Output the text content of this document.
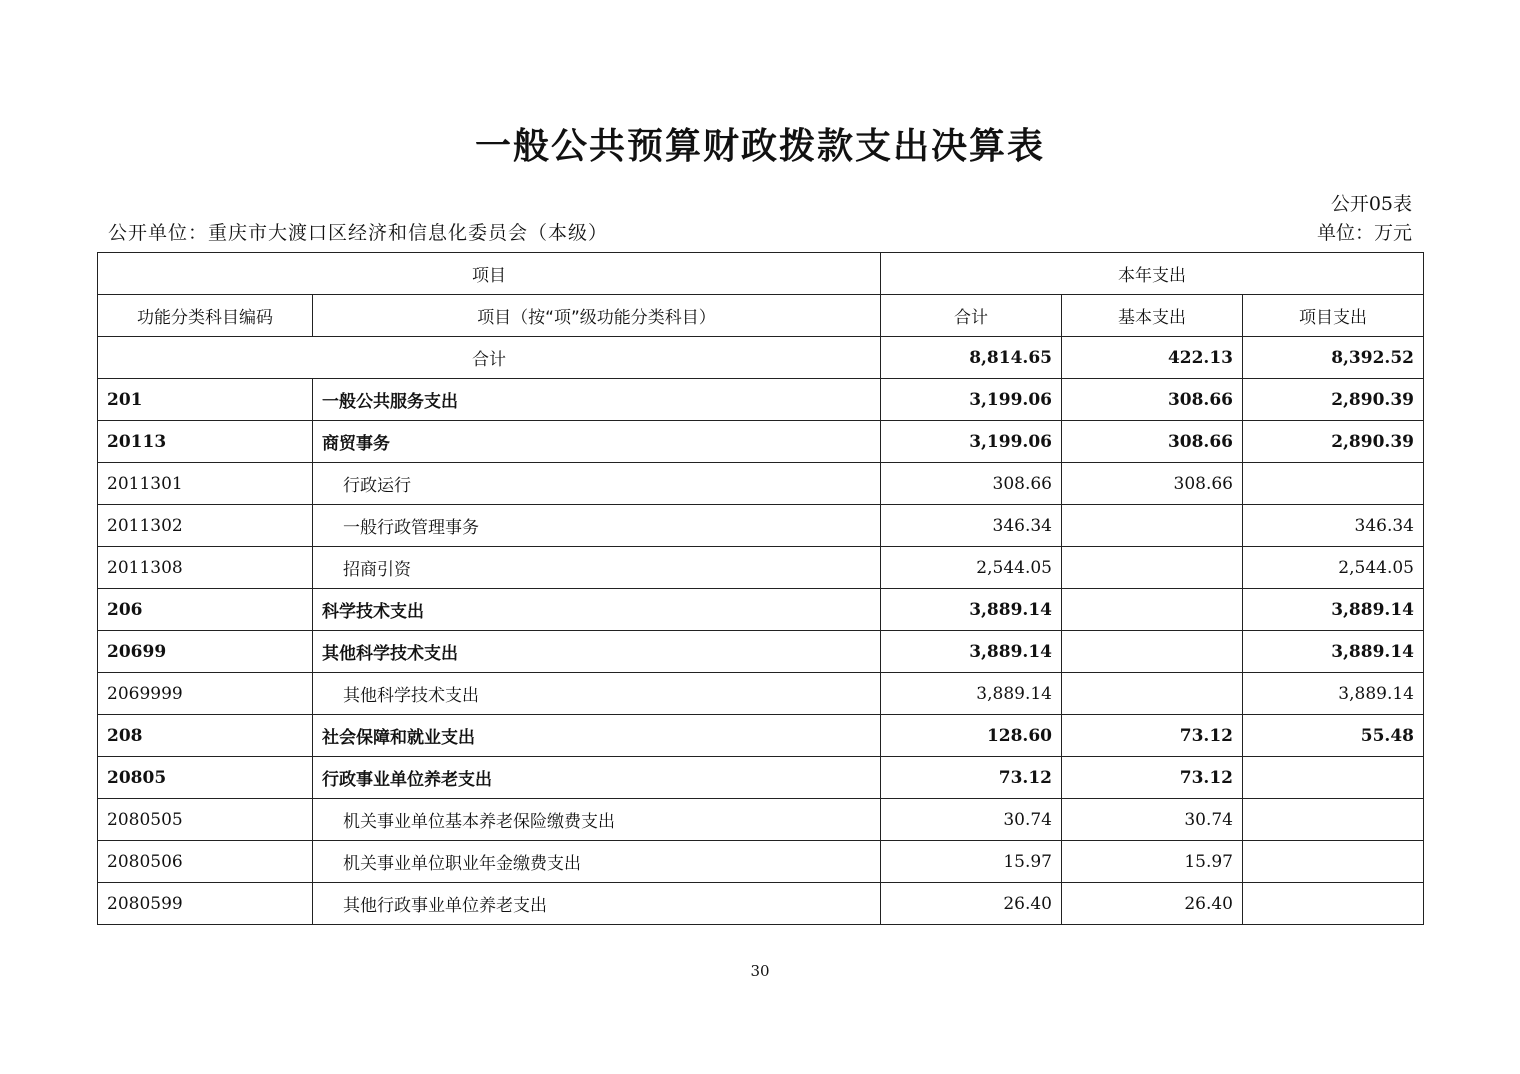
一般公共预算财政拨款支出决算表
公开05表
公开单位：重庆市大渡口区经济和信息化委员会（本级）	单位：万元
项目		本年支出		
功能分类科目编码	项目（按“项”级功能分类科目）	合计	基本支出	项目支出
合计		8,814.65	422.13	8,392.52
201	一般公共服务支出	3,199.06	308.66	2,890.39
20113	商贸事务	3,199.06	308.66	2,890.39
2011301	行政运行	308.66	308.66	
2011302	一般行政管理事务	346.34		346.34
2011308	招商引资	2,544.05		2,544.05
206	科学技术支出	3,889.14		3,889.14
20699	其他科学技术支出	3,889.14		3,889.14
2069999	其他科学技术支出	3,889.14		3,889.14
208	社会保障和就业支出	128.60	73.12	55.48
20805	行政事业单位养老支出	73.12	73.12	
2080505	机关事业单位基本养老保险缴费支出	30.74	30.74	
2080506	机关事业单位职业年金缴费支出	15.97	15.97	
2080599	其他行政事业单位养老支出	26.40	26.40	
30
